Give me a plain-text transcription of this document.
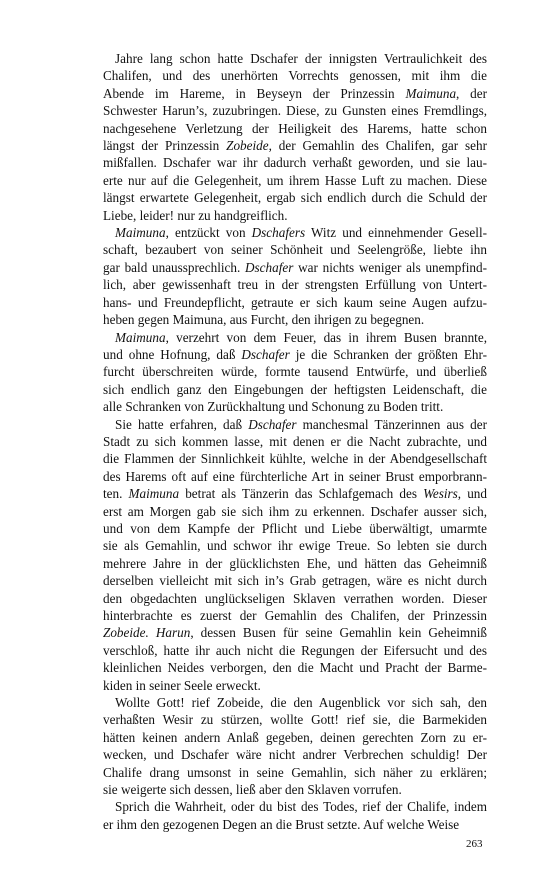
Jahre lang schon hatte Dschafer der innigsten Vertraulichkeit des
Chalifen, und des unerhörten Vorrechts genossen, mit ihm die
Abende im Hareme, in Beyseyn der Prinzessin Maimuna, der
Schwester Harun’s, zuzubringen. Diese, zu Gunsten eines Fremdlings,
nachgesehene Verletzung der Heiligkeit des Harems, hatte schon
längst der Prinzessin Zobeide, der Gemahlin des Chalifen, gar sehr
mißfallen. Dschafer war ihr dadurch verhaßt geworden, und sie lau-
erte nur auf die Gelegenheit, um ihrem Hasse Luft zu machen. Diese
längst erwartete Gelegenheit, ergab sich endlich durch die Schuld der
Liebe, leider! nur zu handgreiflich.
Maimuna, entzückt von Dschafers Witz und einnehmender Gesell-
schaft, bezaubert von seiner Schönheit und Seelengröße, liebte ihn
gar bald unaussprechlich. Dschafer war nichts weniger als unempfind-
lich, aber gewissenhaft treu in der strengsten Erfüllung von Untert-
hans- und Freundepflicht, getraute er sich kaum seine Augen aufzu-
heben gegen Maimuna, aus Furcht, den ihrigen zu begegnen.
Maimuna, verzehrt von dem Feuer, das in ihrem Busen brannte,
und ohne Hofnung, daß Dschafer je die Schranken der größten Ehr-
furcht überschreiten würde, formte tausend Entwürfe, und überließ
sich endlich ganz den Eingebungen der heftigsten Leidenschaft, die
alle Schranken von Zurückhaltung und Schonung zu Boden tritt.
Sie hatte erfahren, daß Dschafer manchesmal Tänzerinnen aus der
Stadt zu sich kommen lasse, mit denen er die Nacht zubrachte, und
die Flammen der Sinnlichkeit kühlte, welche in der Abendgesellschaft
des Harems oft auf eine fürchterliche Art in seiner Brust emporbrann-
ten. Maimuna betrat als Tänzerin das Schlafgemach des Wesirs, und
erst am Morgen gab sie sich ihm zu erkennen. Dschafer ausser sich,
und von dem Kampfe der Pflicht und Liebe überwältigt, umarmte
sie als Gemahlin, und schwor ihr ewige Treue. So lebten sie durch
mehrere Jahre in der glücklichsten Ehe, und hätten das Geheimniß
derselben vielleicht mit sich in’s Grab getragen, wäre es nicht durch
den obgedachten unglückseligen Sklaven verrathen worden. Dieser
hinterbrachte es zuerst der Gemahlin des Chalifen, der Prinzessin
Zobeide. Harun, dessen Busen für seine Gemahlin kein Geheimniß
verschloß, hatte ihr auch nicht die Regungen der Eifersucht und des
kleinlichen Neides verborgen, den die Macht und Pracht der Barme-
kiden in seiner Seele erweckt.
Wollte Gott! rief Zobeide, die den Augenblick vor sich sah, den
verhaßten Wesir zu stürzen, wollte Gott! rief sie, die Barmekiden
hätten keinen andern Anlaß gegeben, deinen gerechten Zorn zu er-
wecken, und Dschafer wäre nicht andrer Verbrechen schuldig! Der
Chalife drang umsonst in seine Gemahlin, sich näher zu erklären;
sie weigerte sich dessen, ließ aber den Sklaven vorrufen.
Sprich die Wahrheit, oder du bist des Todes, rief der Chalife, indem
er ihm den gezogenen Degen an die Brust setzte. Auf welche Weise
263
